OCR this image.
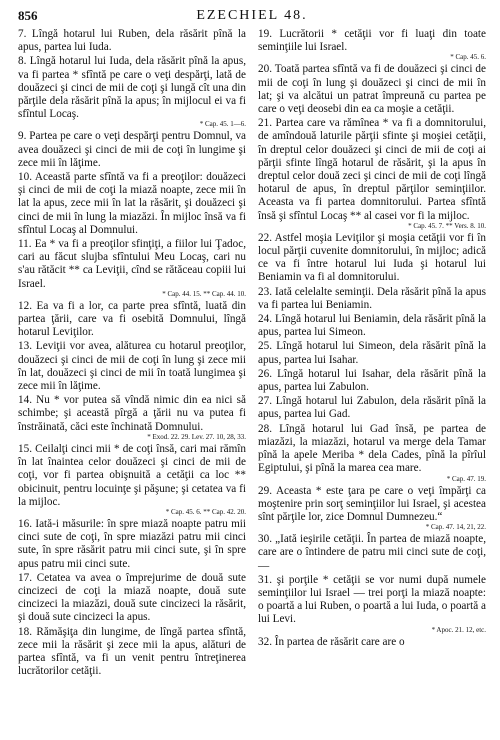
856	EZECHIEL 48.

7. Lîngă hotarul lui Ruben, dela răsărit pînă la apus, partea lui Iuda.

8. Lîngă hotarul lui Iuda, dela răsărit pînă la apus, va fi partea * sfîntă pe care o veţi despărţi, lată de douăzeci şi cinci de mii de coţi şi lungă cît una din părţile dela răsărit pînă la apus; în mijlocul ei va fi sfîntul Locaş.
* Cap. 45. 1—6.

9. Partea pe care o veţi despărţi pentru Domnul, va avea douăzeci şi cinci de mii de coţi în lungime şi zece mii în lăţime.

10. Această parte sfîntă va fi a preoţilor: douăzeci şi cinci de mii de coţi la miază noapte, zece mii în lat la apus, zece mii în lat la răsărit, şi douăzeci şi cinci de mii în lung la miazăzi. În mijloc însă va fi sfîntul Locaş al Domnului.

11. Ea * va fi a preoţilor sfinţiţi, a fiilor lui Ţadoc, cari au făcut slujba sfîntului Meu Locaş, cari nu s'au rătăcit ** ca Leviţii, cînd se rătăceau copiii lui Israel.
* Cap. 44. 15. ** Cap. 44. 10.

12. Ea va fi a lor, ca parte prea sfîntă, luată din partea ţării, care va fi osebită Domnului, lîngă hotarul Leviţilor.

13. Leviţii vor avea, alăturea cu hotarul preoţilor, douăzeci şi cinci de mii de coţi în lung şi zece mii în lat, douăzeci şi cinci de mii în toată lungimea şi zece mii în lăţime.

14. Nu * vor putea să vîndă nimic din ea nici să schimbe; şi această pîrgă a ţării nu va putea fi înstrăinată, căci este închinată Domnului.
* Exod. 22. 29. Lev. 27. 10, 28, 33.

15. Ceilalţi cinci mii * de coţi însă, cari mai rămîn în lat înaintea celor douăzeci şi cinci de mii de coţi, vor fi partea obişnuită a cetăţii ca loc ** obicinuit, pentru locuinţe şi păşune; şi cetatea va fi la mijloc.
* Cap. 45. 6. ** Cap. 42. 20.

16. Iată-i măsurile: în spre miază noapte patru mii cinci sute de coţi, în spre miazăzi patru mii cinci sute, în spre răsărit patru mii cinci sute, şi în spre apus patru mii cinci sute.

17. Cetatea va avea o împrejurime de două sute cincizeci de coţi la miază noapte, două sute cincizeci la miazăzi, două sute cincizeci la răsărit, şi două sute cincizeci la apus.

18. Rămăşiţa din lungime, de lîngă partea sfîntă, zece mii la răsărit şi zece mii la apus, alături de partea sfîntă, va fi un venit pentru întreţinerea lucrătorilor cetăţii.

19. Lucrătorii * cetăţii vor fi luaţi din toate seminţiile lui Israel.
* Cap. 45. 6.

20. Toată partea sfîntă va fi de douăzeci şi cinci de mii de coţi în lung şi douăzeci şi cinci de mii în lat; şi va alcătui un patrat împreună cu partea pe care o veţi deosebi din ea ca moşie a cetăţii.

21. Partea care va rămînea * va fi a domnitorului, de amîndouă laturile părţii sfinte şi moşiei cetăţii, în dreptul celor douăzeci şi cinci de mii de coţi ai părţii sfinte lîngă hotarul de răsărit, şi la apus în dreptul celor două zeci şi cinci de mii de coţi lîngă hotarul de apus, în dreptul părţilor seminţiilor. Aceasta va fi partea domnitorului. Partea sfîntă însă şi sfîntul Locaş ** al casei vor fi la mijloc.
* Cap. 45. 7. ** Vers. 8. 10.

22. Astfel moşia Leviţilor şi moşia cetăţii vor fi în locul părţii cuvenite domnitorului, în mijloc; adică ce va fi între hotarul lui Iuda şi hotarul lui Beniamin va fi al domnitorului.

23. Iată celelalte seminţii. Dela răsărit pînă la apus va fi partea lui Beniamin.

24. Lîngă hotarul lui Beniamin, dela răsărit pînă la apus, partea lui Simeon.

25. Lîngă hotarul lui Simeon, dela răsărit pînă la apus, partea lui Isahar.

26. Lîngă hotarul lui Isahar, dela răsărit pînă la apus, partea lui Zabulon.

27. Lîngă hotarul lui Zabulon, dela răsărit pînă la apus, partea lui Gad.

28. Lîngă hotarul lui Gad însă, pe partea de miazăzi, la miazăzi, hotarul va merge dela Tamar pînă la apele Meriba * dela Cades, pînă la pîrîul Egiptului, şi pînă la marea cea mare.
* Cap. 47. 19.

29. Aceasta * este ţara pe care o veţi împărţi ca moştenire prin sorţ seminţiilor lui Israel, şi acestea sînt părţile lor, zice Domnul Dumnezeu.“
* Cap. 47. 14, 21, 22.

30. „Iată ieşirile cetăţii. În partea de miază noapte, care are o întindere de patru mii cinci sute de coţi, —

31. şi porţile * cetăţii se vor numi după numele seminţiilor lui Israel — trei porţi la miază noapte: o poartă a lui Ruben, o poartă a lui Iuda, o poartă a lui Levi.
* Apoc. 21. 12, etc.

32. În partea de răsărit care are o
